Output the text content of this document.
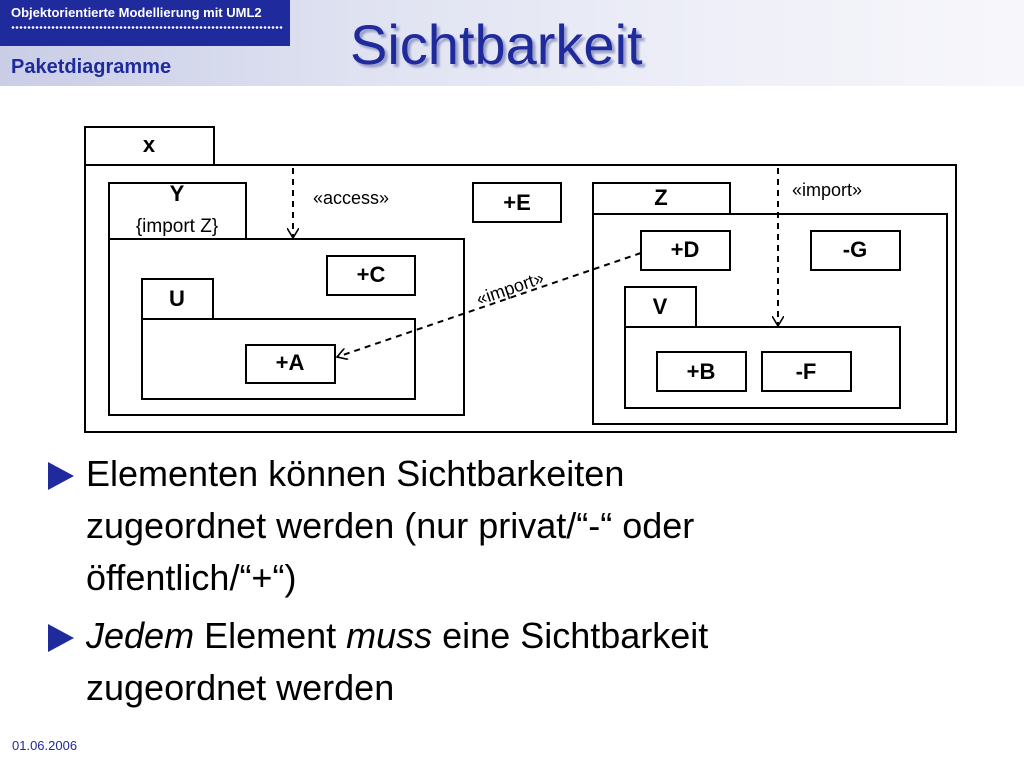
Objektorientierte Modellierung mit UML2
Paketdiagramme	Sichtbarkeit
x
Y
{import Z}
U
+C
+A
+E	Z
+D	-G
V
+B	-F
«access»	«import»
«import»
Elementen können Sichtbarkeiten
zugeordnet werden (nur privat/“-“ oder
öffentlich/“+“)
Jedem Element muss eine Sichtbarkeit
zugeordnet werden
01.06.2006
